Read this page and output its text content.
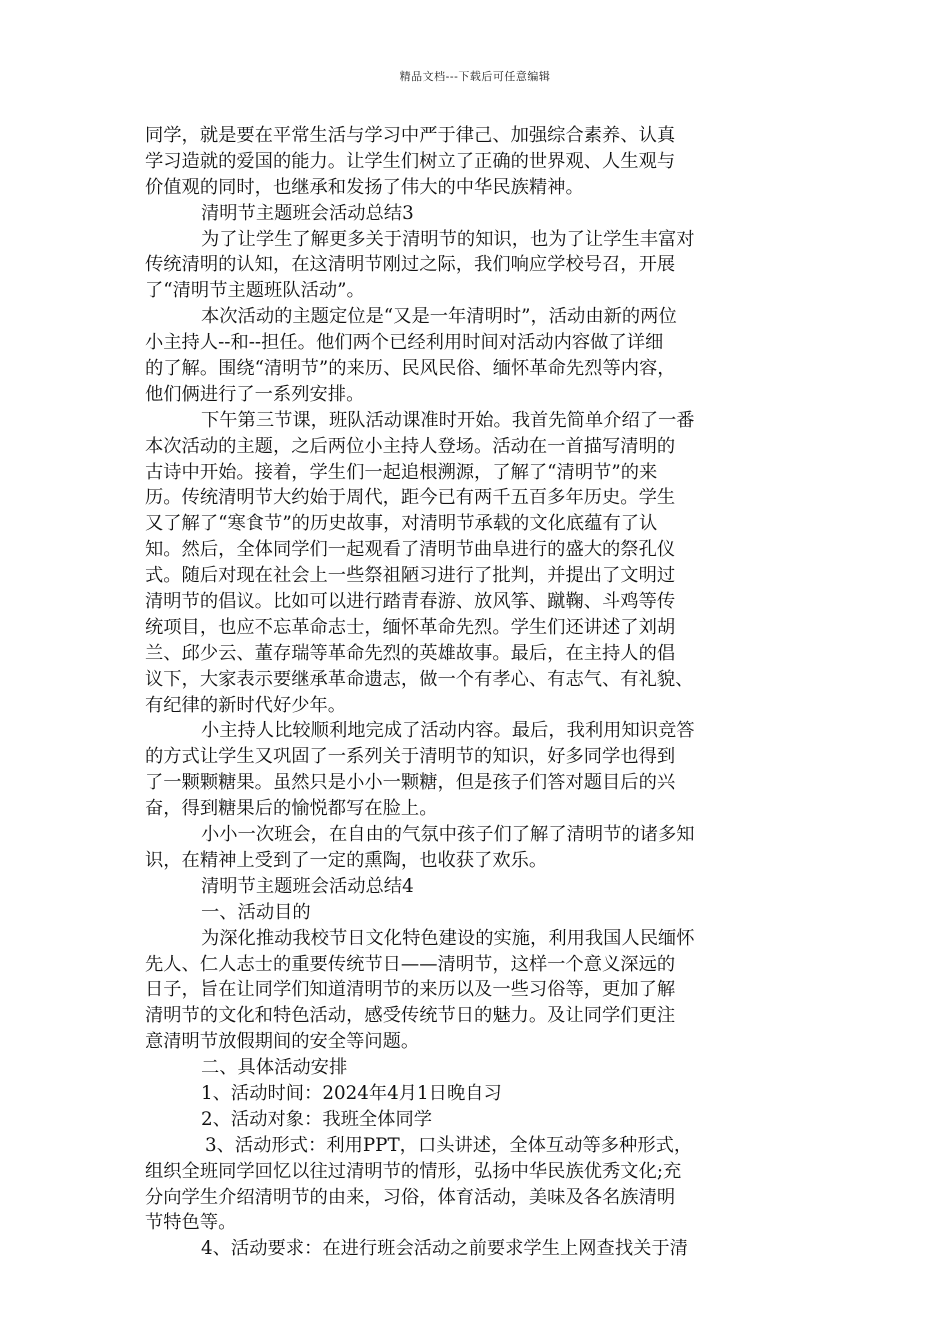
精品文档---下载后可任意编辑
同学，就是要在平常生活与学习中严于律己、加强综合素养、认真
学习造就的爱国的能力。让学生们树立了正确的世界观、人生观与
价值观的同时，也继承和发扬了伟大的中华民族精神。
清明节主题班会活动总结3
为了让学生了解更多关于清明节的知识，也为了让学生丰富对
传统清明的认知，在这清明节刚过之际，我们响应学校号召，开展
了“清明节主题班队活动”。
本次活动的主题定位是“又是一年清明时”，活动由新的两位
小主持人--和--担任。他们两个已经利用时间对活动内容做了详细
的了解。围绕“清明节”的来历、民风民俗、缅怀革命先烈等内容，
他们俩进行了一系列安排。
下午第三节课，班队活动课准时开始。我首先简单介绍了一番
本次活动的主题，之后两位小主持人登场。活动在一首描写清明的
古诗中开始。接着，学生们一起追根溯源，了解了“清明节”的来
历。传统清明节大约始于周代，距今已有两千五百多年历史。学生
又了解了“寒食节”的历史故事，对清明节承载的文化底蕴有了认
知。然后，全体同学们一起观看了清明节曲阜进行的盛大的祭孔仪
式。随后对现在社会上一些祭祖陋习进行了批判，并提出了文明过
清明节的倡议。比如可以进行踏青春游、放风筝、蹴鞠、斗鸡等传
统项目，也应不忘革命志士，缅怀革命先烈。学生们还讲述了刘胡
兰、邱少云、董存瑞等革命先烈的英雄故事。最后，在主持人的倡
议下，大家表示要继承革命遗志，做一个有孝心、有志气、有礼貌、
有纪律的新时代好少年。
小主持人比较顺利地完成了活动内容。最后，我利用知识竞答
的方式让学生又巩固了一系列关于清明节的知识，好多同学也得到
了一颗颗糖果。虽然只是小小一颗糖，但是孩子们答对题目后的兴
奋，得到糖果后的愉悦都写在脸上。
小小一次班会，在自由的气氛中孩子们了解了清明节的诸多知
识，在精神上受到了一定的熏陶，也收获了欢乐。
清明节主题班会活动总结4
一、活动目的
为深化推动我校节日文化特色建设的实施，利用我国人民缅怀
先人、仁人志士的重要传统节日——清明节，这样一个意义深远的
日子，旨在让同学们知道清明节的来历以及一些习俗等，更加了解
清明节的文化和特色活动，感受传统节日的魅力。及让同学们更注
意清明节放假期间的安全等问题。
二、具体活动安排
1、活动时间：2024年4月1日晚自习
2、活动对象：我班全体同学
3、活动形式：利用PPT，口头讲述，全体互动等多种形式，
组织全班同学回忆以往过清明节的情形，弘扬中华民族优秀文化;充
分向学生介绍清明节的由来，习俗，体育活动，美味及各名族清明
节特色等。
4、活动要求：在进行班会活动之前要求学生上网查找关于清
